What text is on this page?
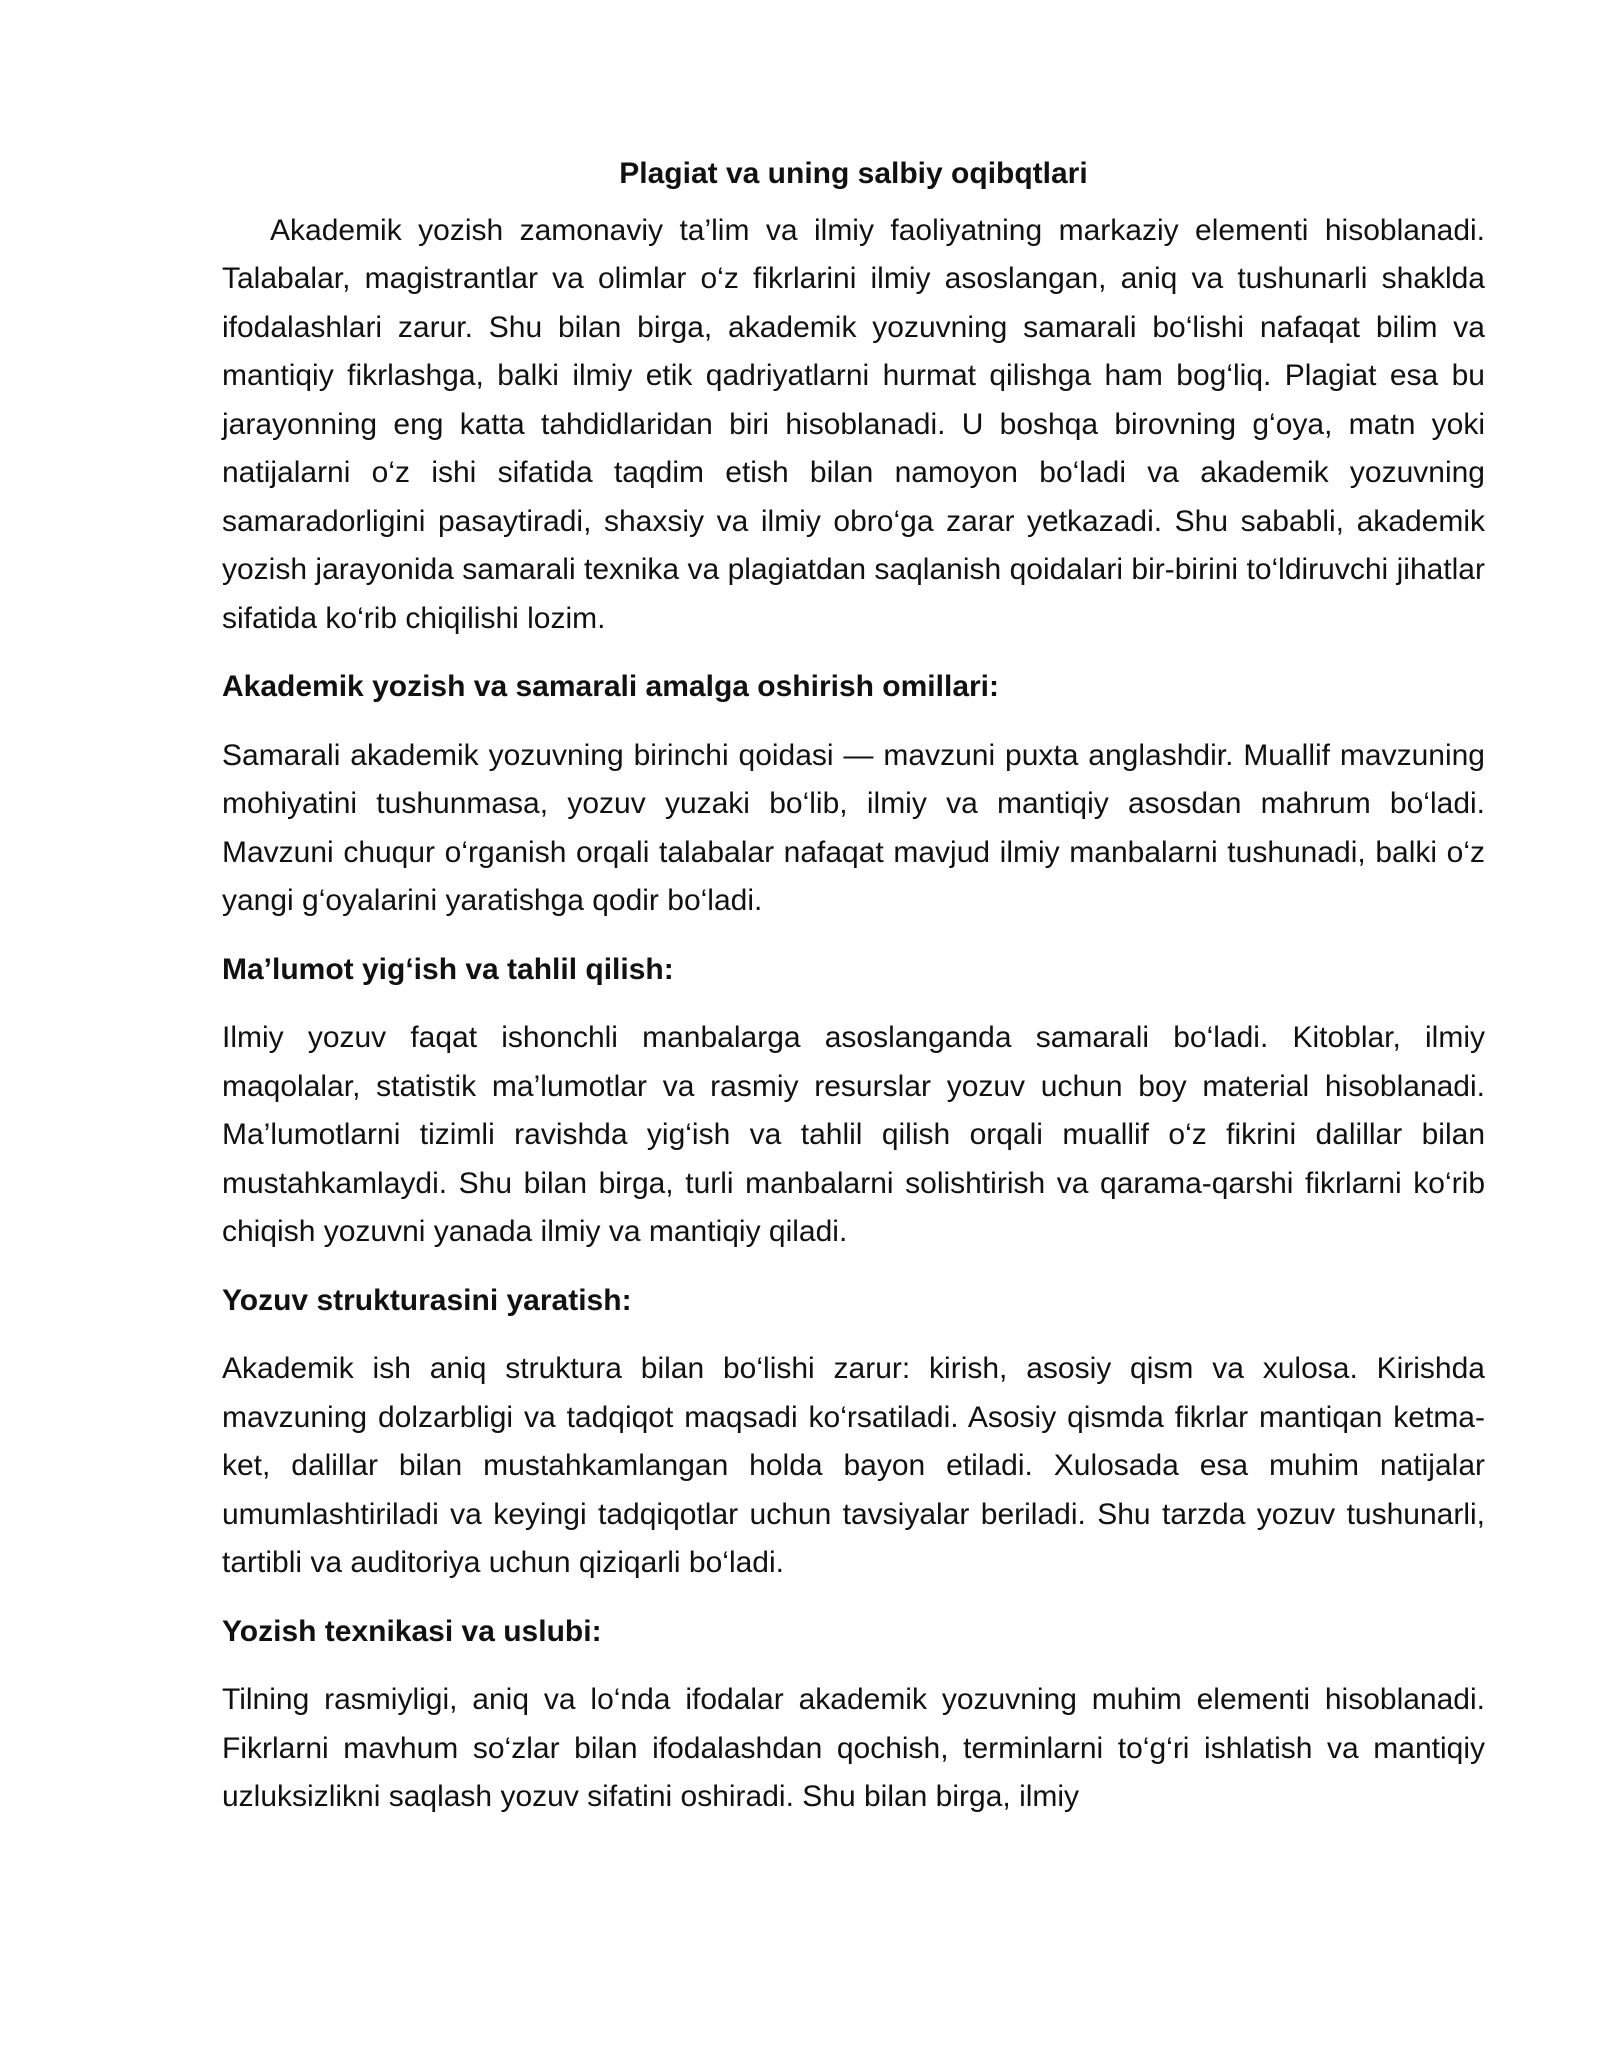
Plagiat va uning salbiy oqibqtlari

Akademik yozish zamonaviy ta’lim va ilmiy faoliyatning markaziy elementi hisoblanadi. Talabalar, magistrantlar va olimlar o‘z fikrlarini ilmiy asoslangan, aniq va tushunarli shaklda ifodalashlari zarur. Shu bilan birga, akademik yozuvning samarali bo‘lishi nafaqat bilim va mantiqiy fikrlashga, balki ilmiy etik qadriyatlarni hurmat qilishga ham bog‘liq. Plagiat esa bu jarayonning eng katta tahdidlaridan biri hisoblanadi. U boshqa birovning g‘oya, matn yoki natijalarni o‘z ishi sifatida taqdim etish bilan namoyon bo‘ladi va akademik yozuvning samaradorligini pasaytiradi, shaxsiy va ilmiy obro‘ga zarar yetkazadi. Shu sababli, akademik yozish jarayonida samarali texnika va plagiatdan saqlanish qoidalari bir-birini to‘ldiruvchi jihatlar sifatida ko‘rib chiqilishi lozim.

Akademik yozish va samarali amalga oshirish omillari:

Samarali akademik yozuvning birinchi qoidasi — mavzuni puxta anglashdir. Muallif mavzuning mohiyatini tushunmasa, yozuv yuzaki bo‘lib, ilmiy va mantiqiy asosdan mahrum bo‘ladi. Mavzuni chuqur o‘rganish orqali talabalar nafaqat mavjud ilmiy manbalarni tushunadi, balki o‘z yangi g‘oyalarini yaratishga qodir bo‘ladi.

Ma’lumot yig‘ish va tahlil qilish:

Ilmiy yozuv faqat ishonchli manbalarga asoslanganda samarali bo‘ladi. Kitoblar, ilmiy maqolalar, statistik ma’lumotlar va rasmiy resurslar yozuv uchun boy material hisoblanadi. Ma’lumotlarni tizimli ravishda yig‘ish va tahlil qilish orqali muallif o‘z fikrini dalillar bilan mustahkamlaydi. Shu bilan birga, turli manbalarni solishtirish va qarama-qarshi fikrlarni ko‘rib chiqish yozuvni yanada ilmiy va mantiqiy qiladi.

Yozuv strukturasini yaratish:

Akademik ish aniq struktura bilan bo‘lishi zarur: kirish, asosiy qism va xulosa. Kirishda mavzuning dolzarbligi va tadqiqot maqsadi ko‘rsatiladi. Asosiy qismda fikrlar mantiqan ketma-ket, dalillar bilan mustahkamlangan holda bayon etiladi. Xulosada esa muhim natijalar umumlashtiriladi va keyingi tadqiqotlar uchun tavsiyalar beriladi. Shu tarzda yozuv tushunarli, tartibli va auditoriya uchun qiziqarli bo‘ladi.

Yozish texnikasi va uslubi:

Tilning rasmiyligi, aniq va lo‘nda ifodalar akademik yozuvning muhim elementi hisoblanadi. Fikrlarni mavhum so‘zlar bilan ifodalashdan qochish, terminlarni to‘g‘ri ishlatish va mantiqiy uzluksizlikni saqlash yozuv sifatini oshiradi. Shu bilan birga, ilmiy
